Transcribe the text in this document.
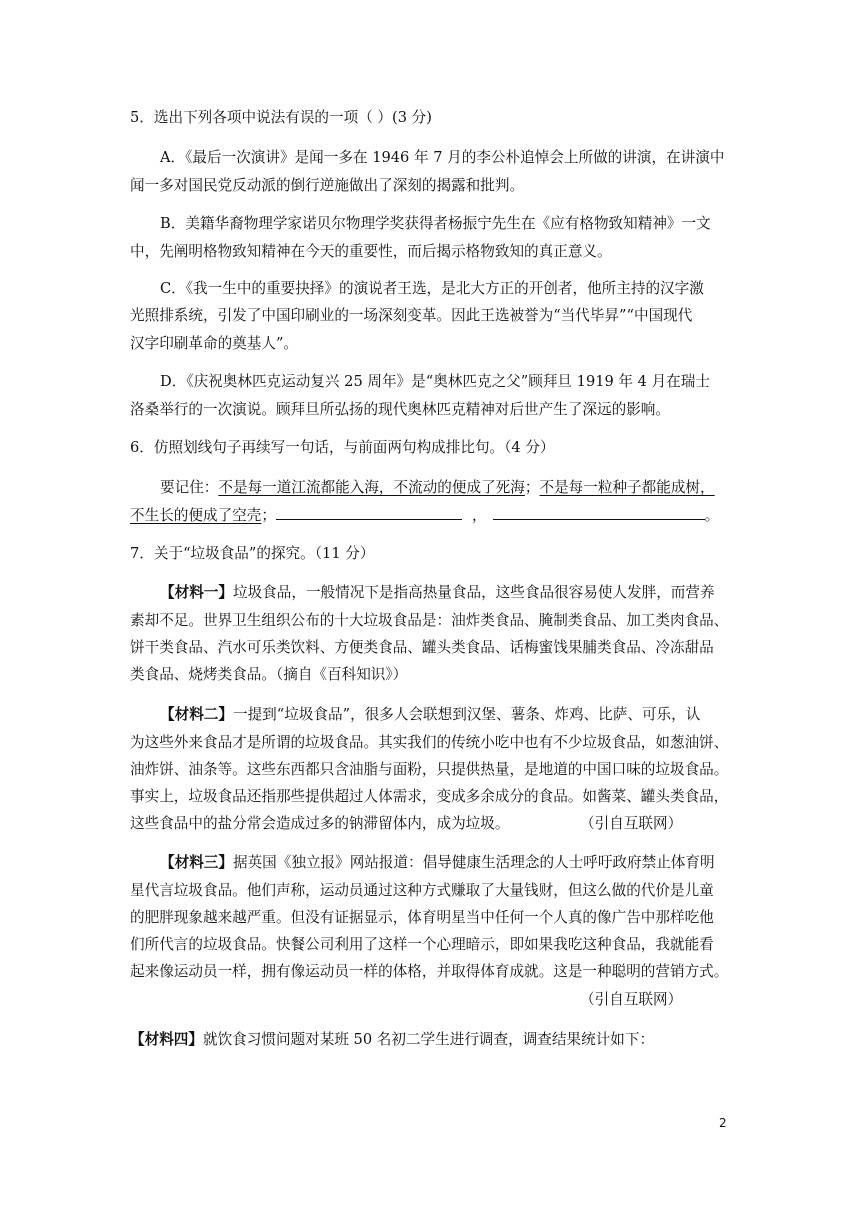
5．选出下列各项中说法有误的一项（ ）(3 分)
A．《最后一次演讲》是闻一多在 1946 年 7 月的李公朴追悼会上所做的讲演，在讲演中
闻一多对国民党反动派的倒行逆施做出了深刻的揭露和批判。
B．美籍华裔物理学家诺贝尔物理学奖获得者杨振宁先生在《应有格物致知精神》一文
中，先阐明格物致知精神在今天的重要性，而后揭示格物致知的真正意义。
C．《我一生中的重要抉择》的演说者王选，是北大方正的开创者，他所主持的汉字激
光照排系统，引发了中国印刷业的一场深刻变革。因此王选被誉为“当代毕昇”“中国现代
汉字印刷革命的奠基人”。
D．《庆祝奥林匹克运动复兴 25 周年》是“奥林匹克之父”顾拜旦 1919 年 4 月在瑞士
洛桑举行的一次演说。顾拜旦所弘扬的现代奥林匹克精神对后世产生了深远的影响。
6．仿照划线句子再续写一句话，与前面两句构成排比句。（4 分）
要记住：不是每一道江流都能入海，不流动的便成了死海；不是每一粒种子都能成树，
不生长的便成了空壳；	，	。
7．关于“垃圾食品”的探究。（11 分）
【材料一】垃圾食品，一般情况下是指高热量食品，这些食品很容易使人发胖，而营养
素却不足。世界卫生组织公布的十大垃圾食品是：油炸类食品、腌制类食品、加工类肉食品、
饼干类食品、汽水可乐类饮料、方便类食品、罐头类食品、话梅蜜饯果脯类食品、冷冻甜品
类食品、烧烤类食品。（摘自《百科知识》）
【材料二】一提到“垃圾食品”，很多人会联想到汉堡、薯条、炸鸡、比萨、可乐，认
为这些外来食品才是所谓的垃圾食品。其实我们的传统小吃中也有不少垃圾食品，如葱油饼、
油炸饼、油条等。这些东西都只含油脂与面粉，只提供热量，是地道的中国口味的垃圾食品。
事实上，垃圾食品还指那些提供超过人体需求，变成多余成分的食品。如酱菜、罐头类食品，
这些食品中的盐分常会造成过多的钠滞留体内，成为垃圾。	（引自互联网）
【材料三】据英国《独立报》网站报道：倡导健康生活理念的人士呼吁政府禁止体育明
星代言垃圾食品。他们声称，运动员通过这种方式赚取了大量钱财，但这么做的代价是儿童
的肥胖现象越来越严重。但没有证据显示，体育明星当中任何一个人真的像广告中那样吃他
们所代言的垃圾食品。快餐公司利用了这样一个心理暗示，即如果我吃这种食品，我就能看
起来像运动员一样，拥有像运动员一样的体格，并取得体育成就。这是一种聪明的营销方式。
（引自互联网）
【材料四】就饮食习惯问题对某班 50 名初二学生进行调查，调查结果统计如下：
2
